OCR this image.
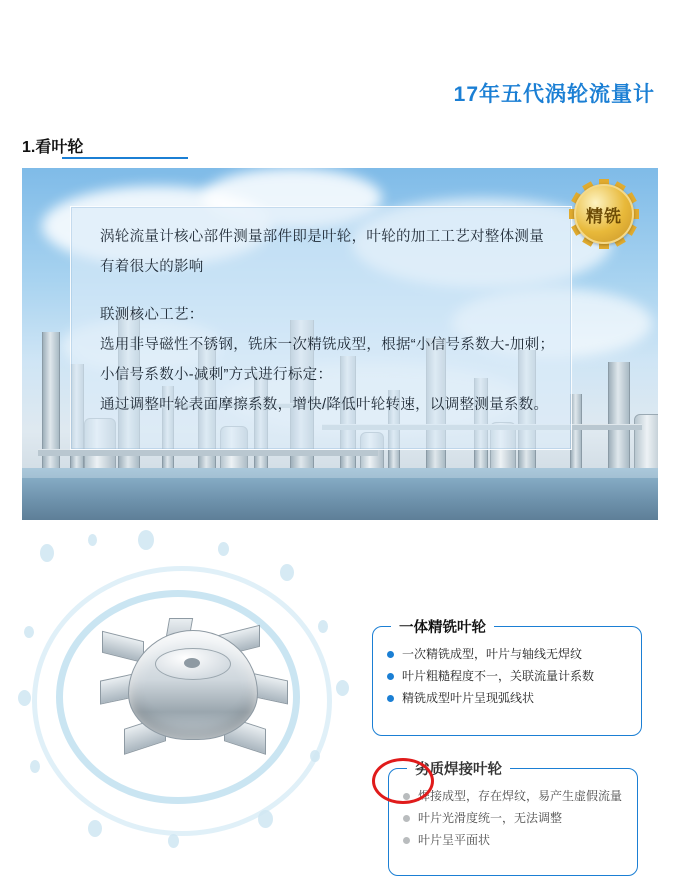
17年五代涡轮流量计
1.看叶轮

涡轮流量计核心部件测量部件即是叶轮，叶轮的加工工艺对整体测量有着很大的影响

联测核心工艺：

选用非导磁性不锈钢，铣床一次精铣成型，根据“小信号系数大-加刺；小信号系数小-减刺”方式进行标定：

通过调整叶轮表面摩擦系数，增快/降低叶轮转速，以调整测量系数。

精铣
一体精铣叶轮
一次精铣成型，叶片与轴线无焊纹
叶片粗糙程度不一，关联流量计系数
精铣成型叶片呈现弧线状
劣质焊接叶轮
焊接成型，存在焊纹，易产生虚假流量
叶片光滑度统一，无法调整
叶片呈平面状
